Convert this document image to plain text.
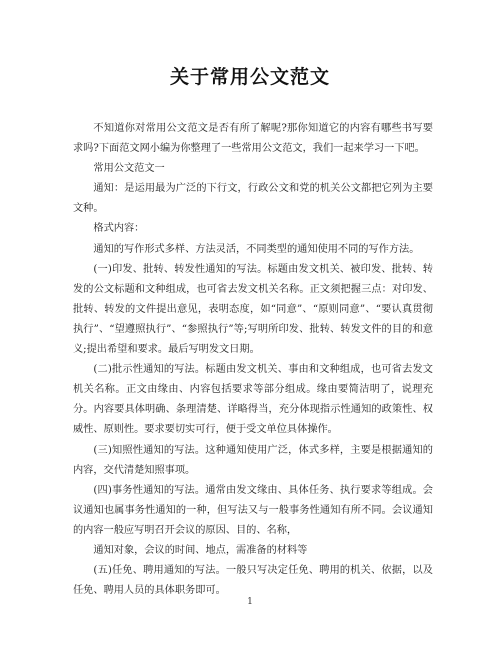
关于常用公文范文

不知道你对常用公文范文是否有所了解呢?那你知道它的内容有哪些书写要求吗?下面范文网小编为你整理了一些常用公文范文，我们一起来学习一下吧。

常用公文范文一

通知：是运用最为广泛的下行文，行政公文和党的机关公文都把它列为主要文种。

格式内容：

通知的写作形式多样、方法灵活，不同类型的通知使用不同的写作方法。

(一)印发、批转、转发性通知的写法。标题由发文机关、被印发、批转、转发的公文标题和文种组成，也可省去发文机关名称。正文须把握三点：对印发、批转、转发的文件提出意见，表明态度，如“同意”、“原则同意”、“要认真贯彻执行”、“望遵照执行”、“参照执行”等;写明所印发、批转、转发文件的目的和意义;提出希望和要求。最后写明发文日期。

(二)批示性通知的写法。标题由发文机关、事由和文种组成，也可省去发文机关名称。正文由缘由、内容包括要求等部分组成。缘由要简洁明了，说理充分。内容要具体明确、条理清楚、详略得当，充分体现指示性通知的政策性、权威性、原则性。要求要切实可行，便于受文单位具体操作。

(三)知照性通知的写法。这种通知使用广泛，体式多样，主要是根据通知的内容，交代清楚知照事项。

(四)事务性通知的写法。通常由发文缘由、具体任务、执行要求等组成。会议通知也属事务性通知的一种，但写法又与一般事务性通知有所不同。会议通知的内容一般应写明召开会议的原因、目的、名称，

通知对象，会议的时间、地点，需准备的材料等

(五)任免、聘用通知的写法。一般只写决定任免、聘用的机关、依据，以及任免、聘用人员的具体职务即可。

1
